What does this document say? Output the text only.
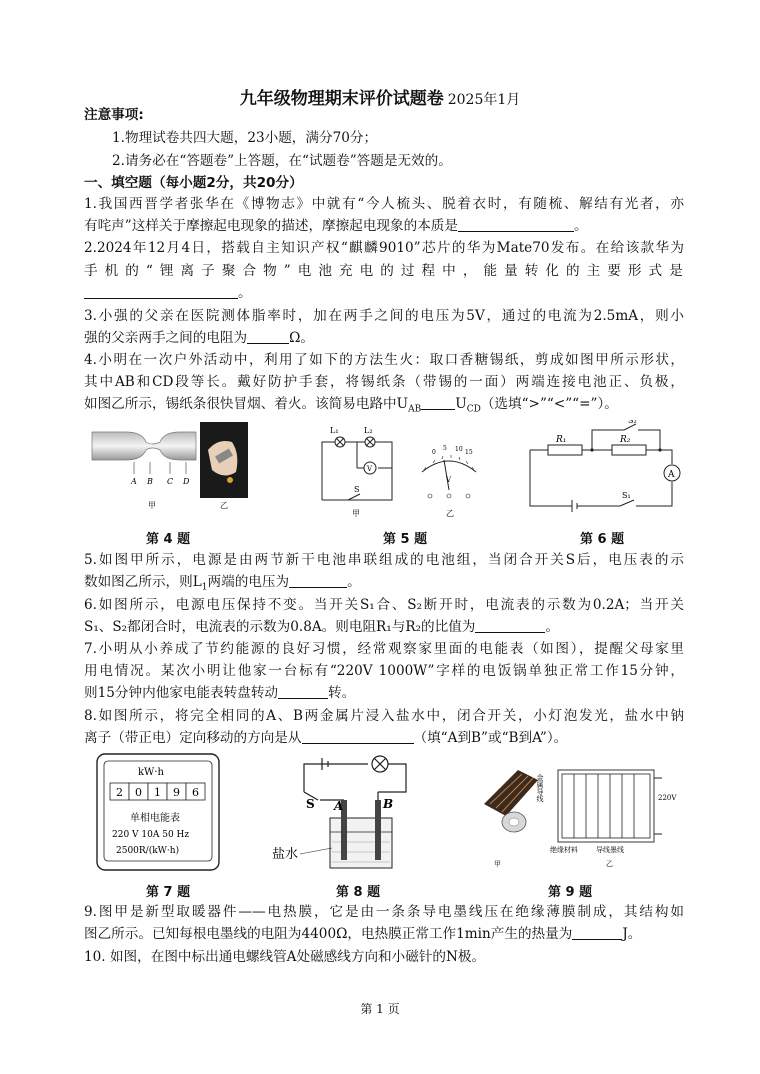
九年级物理期末评价试题卷 2025年1月
注意事项:
1.物理试卷共四大题，23小题，满分70分；
2.请务必在“答题卷”上答题，在“试题卷”答题是无效的。
一、填空题（每小题2分，共20分）
1.我国西晋学者张华在《博物志》中就有“今人梳头、脱着衣时，有随梳、解结有光者，亦
有咤声”这样关于摩擦起电现象的描述，摩擦起电现象的本质是	。
2.2024年12月4日，搭载自主知识产权“麒麟9010”芯片的华为Mate70发布。在给该款华为
手机的“锂离子聚合物”电池充电的过程中，能量转化的主要形式是
。
3.小强的父亲在医院测体脂率时，加在两手之间的电压为5V，通过的电流为2.5mA，则小
强的父亲两手之间的电阻为	Ω。
4.小明在一次户外活动中，利用了如下的方法生火：取口香糖锡纸，剪成如图甲所示形状，
其中AB和CD段等长。戴好防护手套，将锡纸条（带锡的一面）两端连接电池正、负极，
如图乙所示，锡纸条很快冒烟、着火。该简易电路中$U_{AB}$	$U_{CD}$（选填“>”“<”“=”）。
A B C D
甲	乙
第 4 题
V
L₁	L₂
S
甲
0
5 10 15
V
乙
第 5 题
R₁	R₂
S₂
S₁
A
第 6 题
5.如图甲所示，电源是由两节新干电池串联组成的电池组，当闭合开关S后，电压表的示
数如图乙所示，则$L_1$两端的电压为	。
6.如图所示，电源电压保持不变。当开关S₁合、S₂断开时，电流表的示数为0.2A；当开关
S₁、S₂都闭合时，电流表的示数为0.8A。则电阻R₁与R₂的比值为	。
7.小明从小养成了节约能源的良好习惯，经常观察家里面的电能表（如图），提醒父母家里
用电情况。某次小明让他家一台标有“220V 1000W”字样的电饭锅单独正常工作15分钟，
则15分钟内他家电能表转盘转动	转。
8.如图所示，将完全相同的A、B两金属片浸入盐水中，闭合开关，小灯泡发光，盐水中钠
离子（带正电）定向移动的方向是从	（填“A到B”或“B到A”）。
kW·h
2 0 1 9 6
单相电能表
220 V 10A 50 Hz
2500R/(kW·h)
第 7 题
S A	B
盐水
第 8 题
甲
220V
金属导线
绝缘材料	导线墨线
乙
第 9 题
9.图甲是新型取暖器件——电热膜，它是由一条条导电墨线压在绝缘薄膜制成，其结构如
图乙所示。已知每根电墨线的电阻为4400Ω，电热膜正常工作1min产生的热量为	J。
10. 如图，在图中标出通电螺线管A处磁感线方向和小磁针的N极。
第 1 页
